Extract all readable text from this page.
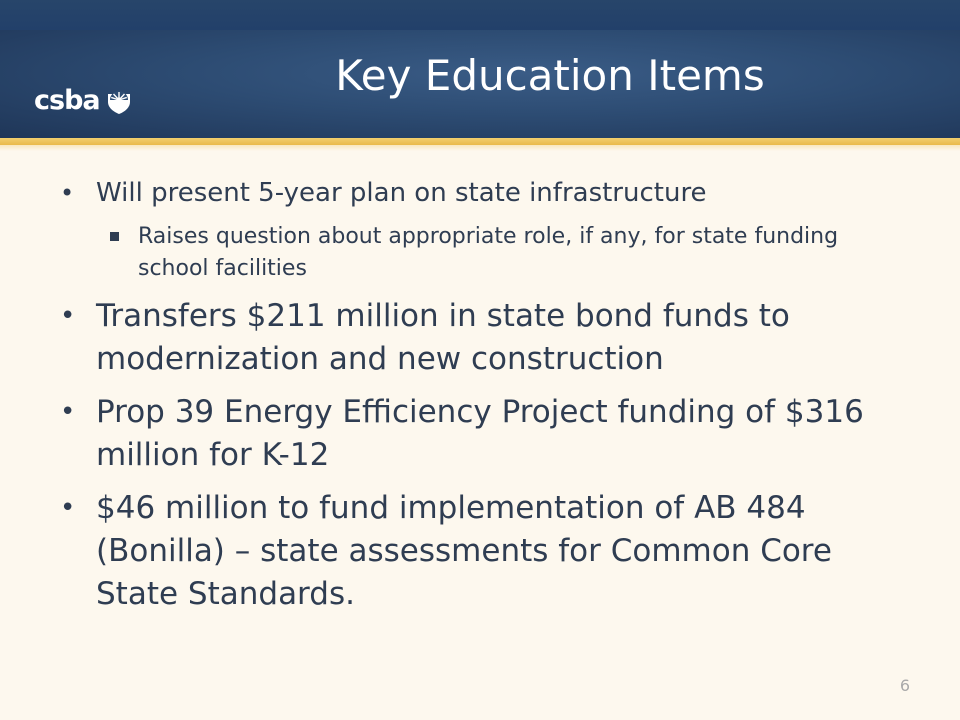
csba	Key Education Items
• Will present 5-year plan on state infrastructure
Raises question about appropriate role, if any, for state funding school facilities
• Transfers $211 million in state bond funds to modernization and new construction
• Prop 39 Energy Efficiency Project funding of $316 million for K-12
• $46 million to fund implementation of AB 484 (Bonilla) – state assessments for Common Core State Standards.
6
